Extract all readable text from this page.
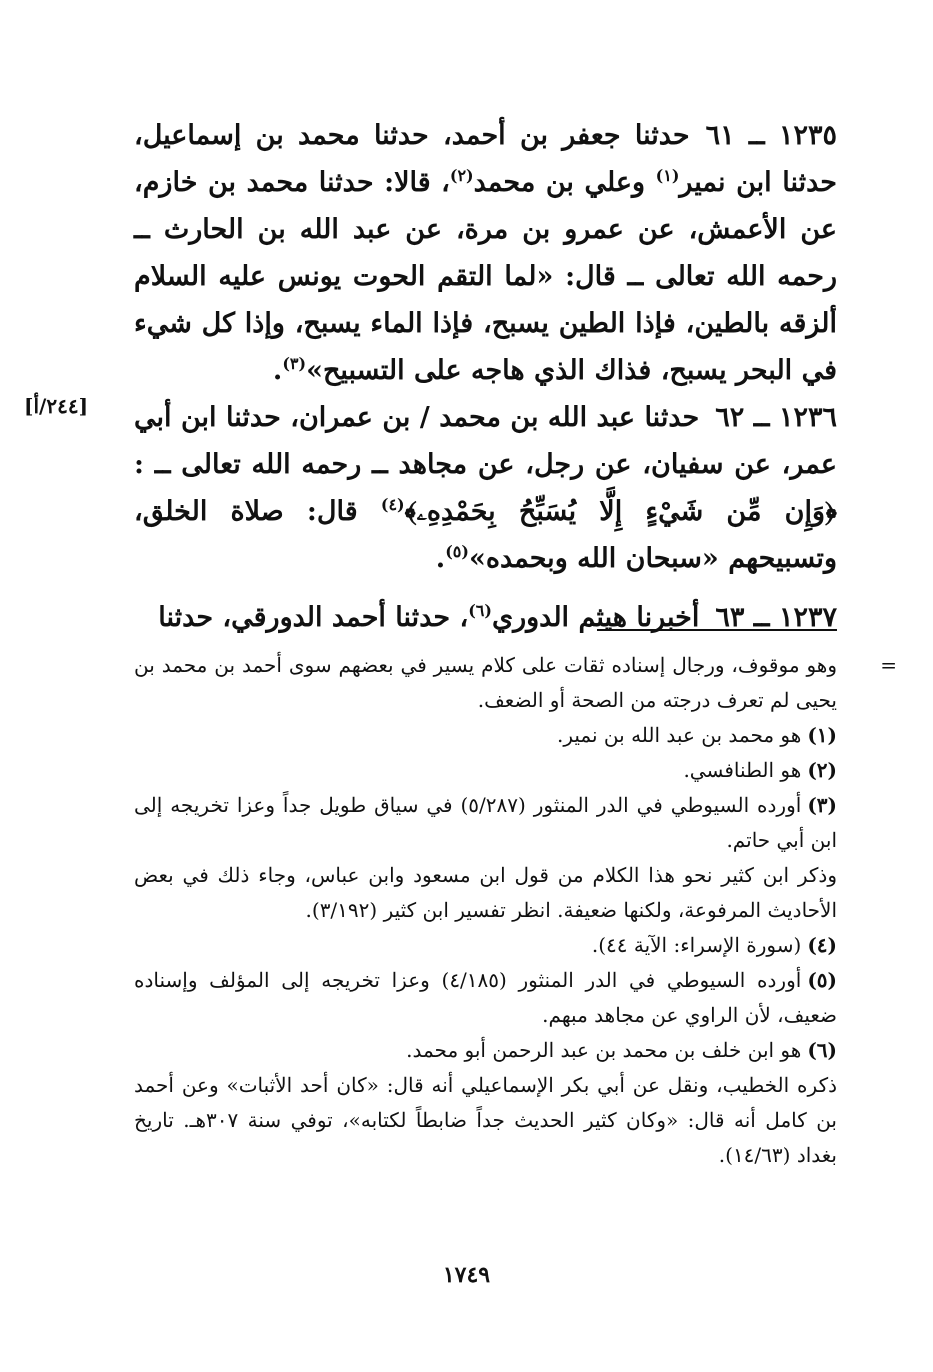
[٢٤٤/أ]

١٢٣٥ ــ ٦١حدثنا جعفر بن أحمد، حدثنا محمد بن إسماعيل، حدثنا ابن نمير$^{(١)}$ وعلي بن محمد$^{(٢)}$، قالا: حدثنا محمد بن خازم، عن الأعمش، عن عمرو بن مرة، عن عبد الله بن الحارث ــ رحمه الله تعالى ــ قال: «لما التقم الحوت يونس عليه السلام ألزقه بالطين، فإذا الطين يسبح، فإذا الماء يسبح، وإذا كل شيء في البحر يسبح، فذاك الذي هاجه على التسبيح»$^{(٣)}$.

١٢٣٦ ــ ٦٢حدثنا عبد الله بن محمد / بن عمران، حدثنا ابن أبي عمر، عن سفيان، عن رجل، عن مجاهد ــ رحمه الله تعالى ــ : ﴿وَإِن مِّن شَيْءٍ إِلَّا يُسَبِّحُ بِحَمْدِهِۦ﴾$^{(٤)}$ قال: صلاة الخلق، وتسبيحهم «سبحان الله وبحمده»$^{(٥)}$.

١٢٣٧ ــ ٦٣أخبرنا هيثم الدوري$^{(٦)}$، حدثنا أحمد الدورقي، حدثنا

=
وهو موقوف، ورجال إسناده ثقات على كلام يسير في بعضهم سوى أحمد بن محمد بن يحيى لم تعرف درجته من الصحة أو الضعف.

(١)هو محمد بن عبد الله بن نمير.

(٢)هو الطنافسي.

(٣)أورده السيوطي في الدر المنثور (٥/٢٨٧) في سياق طويل جداً وعزا تخريجه إلى ابن أبي حاتم.

وذكر ابن كثير نحو هذا الكلام من قول ابن مسعود وابن عباس، وجاء ذلك في بعض الأحاديث المرفوعة، ولكنها ضعيفة. انظر تفسير ابن كثير (٣/١٩٢).

(٤)(سورة الإسراء: الآية ٤٤).

(٥)أورده السيوطي في الدر المنثور (٤/١٨٥) وعزا تخريجه إلى المؤلف وإسناده ضعيف، لأن الراوي عن مجاهد مبهم.

(٦)هو ابن خلف بن محمد بن عبد الرحمن أبو محمد.

ذكره الخطيب، ونقل عن أبي بكر الإسماعيلي أنه قال: «كان أحد الأثبات» وعن أحمد بن كامل أنه قال: «وكان كثير الحديث جداً ضابطاً لكتابه»، توفي سنة ٣٠٧هـ. تاريخ بغداد (١٤/٦٣).

١٧٤٩
